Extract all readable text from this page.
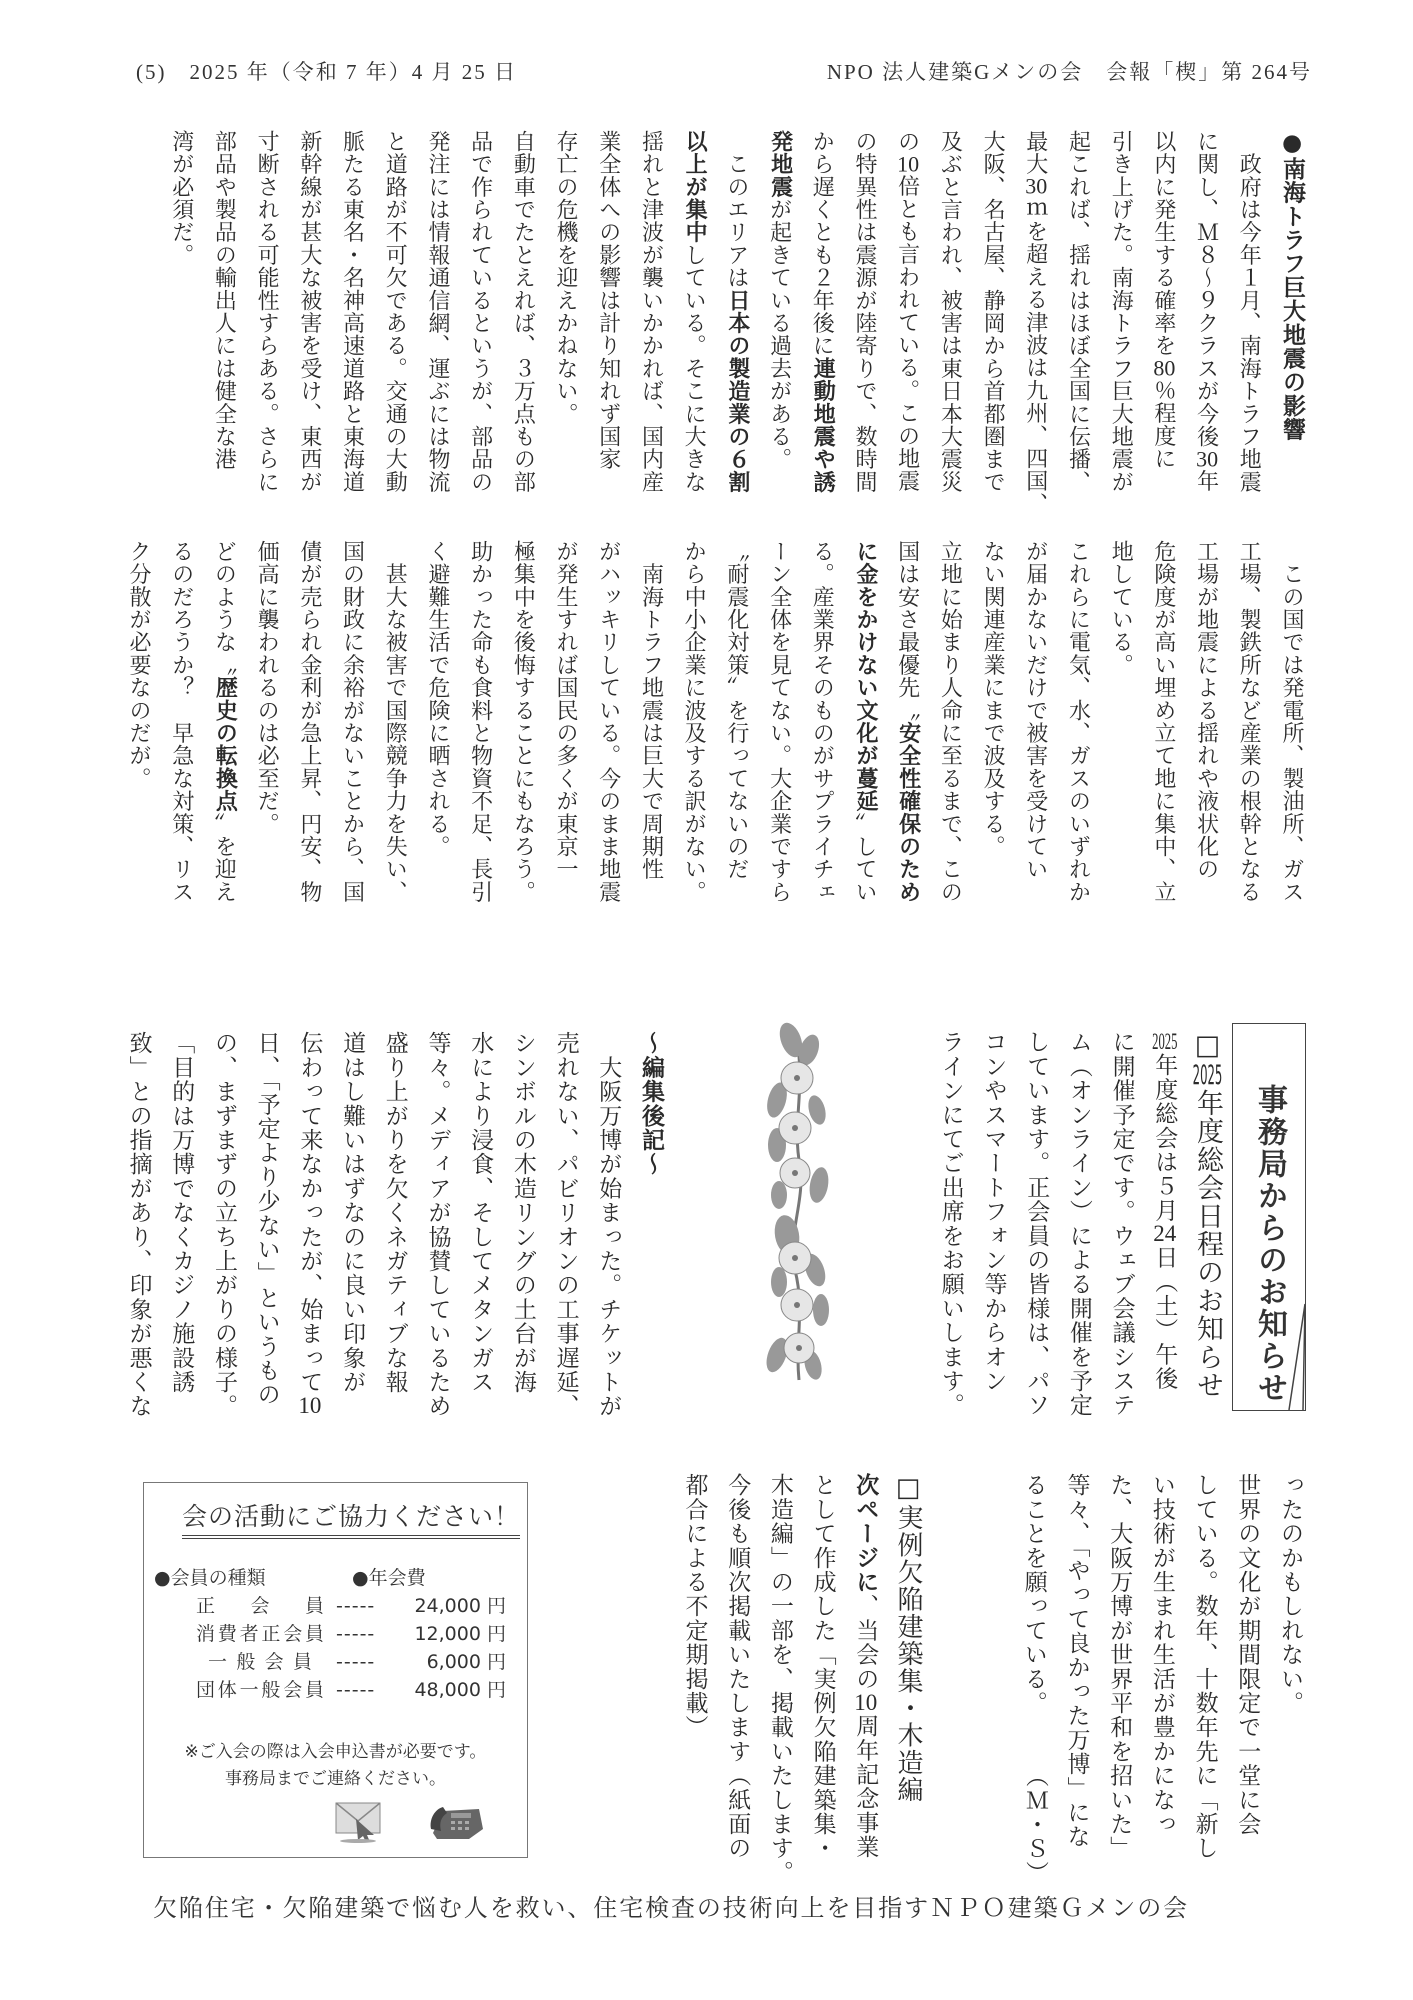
(5)　2025 年（令和 7 年）4 月 25 日	NPO 法人建築Gメンの会　会報「楔」第 264号
●南海トラフ巨大地震の影響
　政府は今年１月、南海トラフ地震
に関し、Ｍ８～９クラスが今後30年
以内に発生する確率を80％程度に
引き上げた。南海トラフ巨大地震が
起これば、揺れはほぼ全国に伝播、
最大30ｍを超える津波は九州、四国、
大阪、名古屋、静岡から首都圏まで
及ぶと言われ、被害は東日本大震災
の10倍とも言われている。この地震
の特異性は震源が陸寄りで、数時間
から遅くとも２年後に連動地震や誘
発地震が起きている過去がある。
　このエリアは日本の製造業の６割
以上が集中している。そこに大きな
揺れと津波が襲いかかれば、国内産
業全体への影響は計り知れず国家
存亡の危機を迎えかねない。
自動車でたとえれば、３万点もの部
品で作られているというが、部品の
発注には情報通信網、運ぶには物流
と道路が不可欠である。交通の大動
脈たる東名・名神高速道路と東海道
新幹線が甚大な被害を受け、東西が
寸断される可能性すらある。さらに
部品や製品の輸出人には健全な港
湾が必須だ。
　この国では発電所、製油所、ガス
工場、製鉄所など産業の根幹となる
工場が地震による揺れや液状化の
危険度が高い埋め立て地に集中、立
地している。
これらに電気、水、ガスのいずれか
が届かないだけで被害を受けてい
ない関連産業にまで波及する。
立地に始まり人命に至るまで、この
国は安さ最優先〝安全性確保のため
に金をかけない文化が蔓延〟してい
る。産業界そのものがサプライチェ
ーン全体を見てない。大企業ですら
〝耐震化対策〟を行ってないのだ
から中小企業に波及する訳がない。
　南海トラフ地震は巨大で周期性
がハッキリしている。今のまま地震
が発生すれば国民の多くが東京一
極集中を後悔することにもなろう。
助かった命も食料と物資不足、長引
く避難生活で危険に晒される。
　甚大な被害で国際競争力を失い、
国の財政に余裕がないことから、国
債が売られ金利が急上昇、円安、物
価高に襲われるのは必至だ。
どのような〝歴史の転換点〟を迎え
るのだろうか？　早急な対策、リス
ク分散が必要なのだが。
事務局からのお知らせ
□2025年度総会日程のお知らせ
2025年度総会は５月24日（土）午後
に開催予定です。ウェブ会議システ
ム（オンライン）による開催を予定
しています。正会員の皆様は、パソ
コンやスマートフォン等からオン
ラインにてご出席をお願いします。
～編集後記～
　大阪万博が始まった。チケットが
売れない、パビリオンの工事遅延、
シンボルの木造リングの土台が海
水により浸食、そしてメタンガス
等々。メディアが協賛しているため
盛り上がりを欠くネガティブな報
道はし難いはずなのに良い印象が
伝わって来なかったが、始まって10
日、「予定より少ない」というもの
の、まずまずの立ち上がりの様子。
「目的は万博でなくカジノ施設誘
致」との指摘があり、印象が悪くな
ったのかもしれない。
世界の文化が期間限定で一堂に会
している。数年、十数年先に「新し
い技術が生まれ生活が豊かになっ
た、大阪万博が世界平和を招いた」
等々、「やって良かった万博」にな
ることを願っている。
（Ｍ・Ｓ）
□実例欠陥建築集・木造編
次ページに、当会の10周年記念事業
として作成した「実例欠陥建築集・
木造編」の一部を、掲載いたします。
今後も順次掲載いたします（紙面の
都合による不定期掲載）
会の活動にご協力ください！
●会員の種類	●年会費
正会員 ----- 24,000 円
消費者正会員 ----- 12,000 円
一般会員 -----	6,000 円
団体一般会員 ----- 48,000 円
※ご入会の際は入会申込書が必要です。
事務局までご連絡ください。
欠陥住宅・欠陥建築で悩む人を救い、住宅検査の技術向上を目指すＮＰＯ建築Ｇメンの会
